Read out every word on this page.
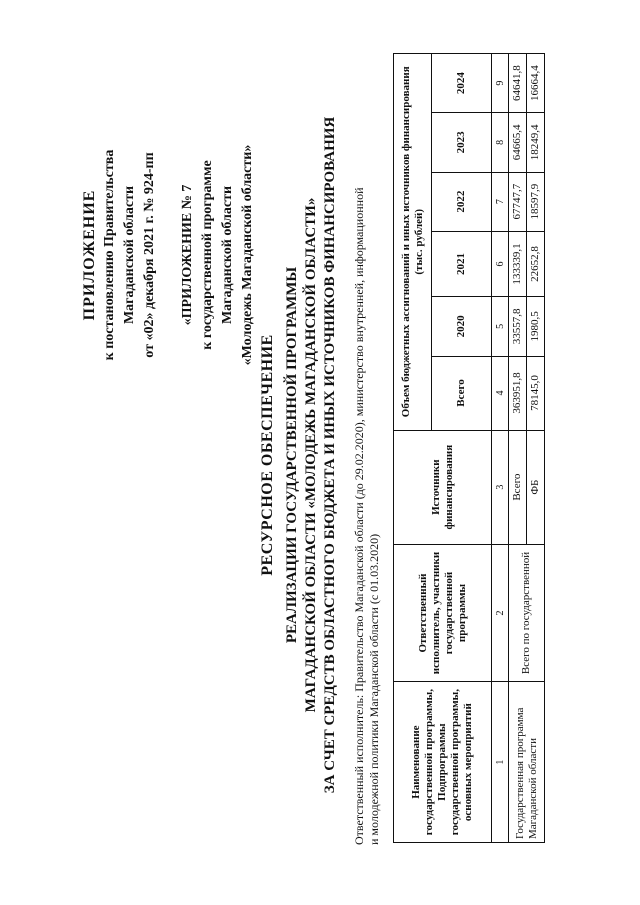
ПРИЛОЖЕНИЕ к постановлению Правительства Магаданской области от «02» декабря 2021 г. № 924-пп «ПРИЛОЖЕНИЕ № 7 к государственной программе Магаданской области «Молодежь Магаданской области»
РЕСУРСНОЕ ОБЕСПЕЧЕНИЕ РЕАЛИЗАЦИИ ГОСУДАРСТВЕННОЙ ПРОГРАММЫ МАГАДАНСКОЙ ОБЛАСТИ «МОЛОДЕЖЬ МАГАДАНСКОЙ ОБЛАСТИ» ЗА СЧЕТ СРЕДСТВ ОБЛАСТНОГО БЮДЖЕТА И ИНЫХ ИСТОЧНИКОВ ФИНАНСИРОВАНИЯ Ответственный исполнитель: Правительство Магаданской области (до 29.02.2020), министерство внутренней, информационной и молодежной политики Магаданской области (с 01.03.2020)	Наименование государственной программы, Подпрограммы государственной программы, основных мероприятий	Ответственный исполнитель, участники государственной программы	Источники финансирования	Объем бюджетных ассигнований и иных источников финансирования (тыс. рублей)					
			Всего	2020	2021	2022	2023	2024
1	2	3	4	5	6	7	8	9
Государственная программа Магаданской области	Всего по государственной	Всего	363951,8	33557,8	133339,1	67747,7	64665,4	64641,8
		ФБ	78145,0	1980,5	22652,8	18597,9	18249,4	16664,4
